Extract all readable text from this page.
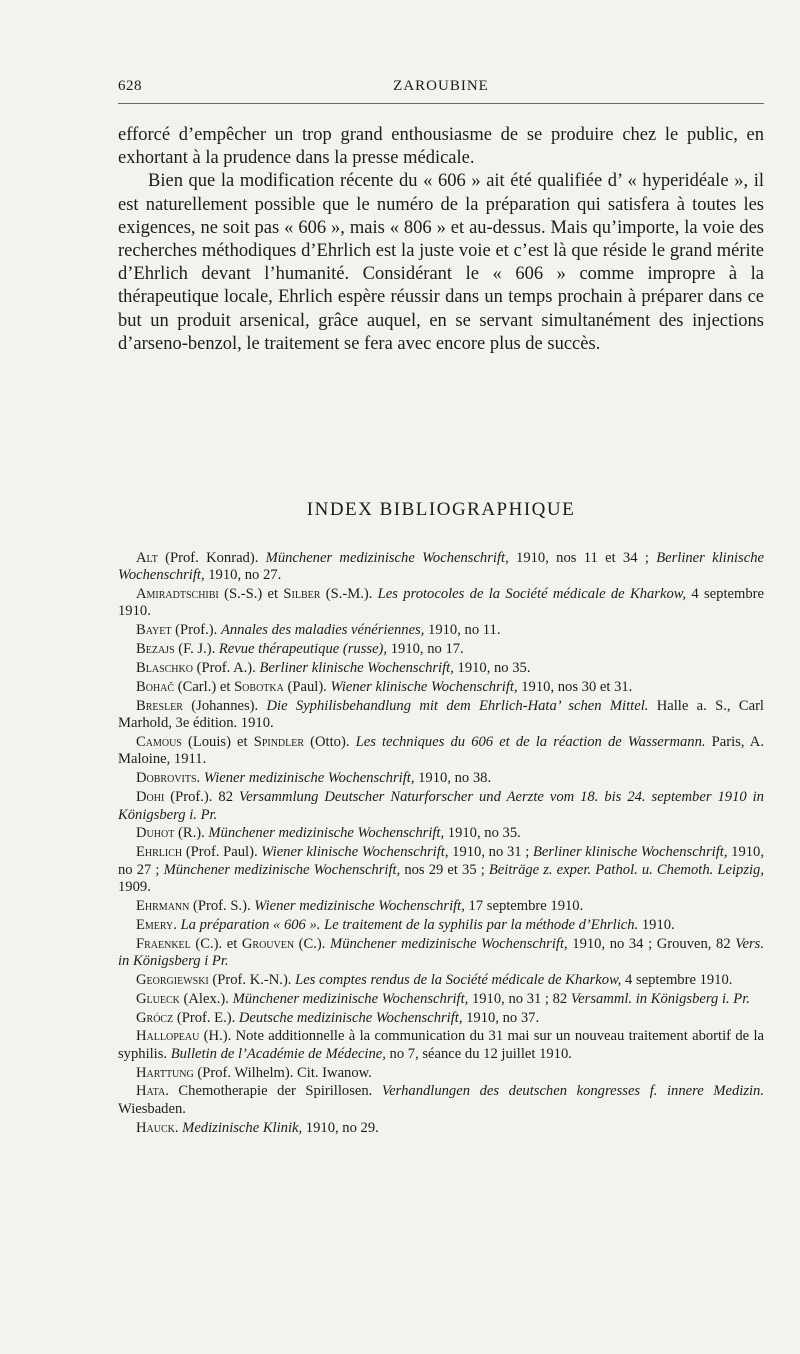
628	ZAROUBINE

efforcé d’empêcher un trop grand enthousiasme de se produire chez le public, en exhortant à la prudence dans la presse médicale.

Bien que la modification récente du « 606 » ait été qualifiée d’ « hyperidéale », il est naturellement possible que le numéro de la préparation qui satisfera à toutes les exigences, ne soit pas « 606 », mais « 806 » et au-dessus. Mais qu’importe, la voie des recherches méthodiques d’Ehrlich est la juste voie et c’est là que réside le grand mérite d’Ehrlich devant l’humanité. Considérant le « 606 » comme impropre à la thérapeutique locale, Ehrlich espère réussir dans un temps prochain à préparer dans ce but un produit arsenical, grâce auquel, en se servant simultanément des injections d’arseno-benzol, le traitement se fera avec encore plus de succès.

INDEX BIBLIOGRAPHIQUE

Alt (Prof. Konrad). Münchener medizinische Wochenschrift, 1910, nos 11 et 34 ; Berliner klinische Wochenschrift, 1910, no 27.

Amiradtschibi (S.-S.) et Silber (S.-M.). Les protocoles de la Société médicale de Kharkow, 4 septembre 1910.

Bayet (Prof.). Annales des maladies vénériennes, 1910, no 11.

Bezajs (F. J.). Revue thérapeutique (russe), 1910, no 17.

Blaschko (Prof. A.). Berliner klinische Wochenschrift, 1910, no 35.

Bohač (Carl.) et Sobotka (Paul). Wiener klinische Wochenschrift, 1910, nos 30 et 31.

Bresler (Johannes). Die Syphilisbehandlung mit dem Ehrlich-Hata’ schen Mittel. Halle a. S., Carl Marhold, 3e édition. 1910.

Camous (Louis) et Spindler (Otto). Les techniques du 606 et de la réaction de Wassermann. Paris, A. Maloine, 1911.

Dobrovits. Wiener medizinische Wochenschrift, 1910, no 38.

Dohi (Prof.). 82 Versammlung Deutscher Naturforscher und Aerzte vom 18. bis 24. september 1910 in Königsberg i. Pr.

Duhot (R.). Münchener medizinische Wochenschrift, 1910, no 35.

Ehrlich (Prof. Paul). Wiener klinische Wochenschrift, 1910, no 31 ; Berliner klinische Wochenschrift, 1910, no 27 ; Münchener medizinische Wochenschrift, nos 29 et 35 ; Beiträge z. exper. Pathol. u. Chemoth. Leipzig, 1909.

Ehrmann (Prof. S.). Wiener medizinische Wochenschrift, 17 septembre 1910.

Emery. La préparation « 606 ». Le traitement de la syphilis par la méthode d’Ehrlich. 1910.

Fraenkel (C.). et Grouven (C.). Münchener medizinische Wochenschrift, 1910, no 34 ; Grouven, 82 Vers. in Königsberg i Pr.

Georgiewski (Prof. K.-N.). Les comptes rendus de la Société médicale de Kharkow, 4 septembre 1910.

Glueck (Alex.). Münchener medizinische Wochenschrift, 1910, no 31 ; 82 Versamml. in Königsberg i. Pr.

Grócz (Prof. E.). Deutsche medizinische Wochenschrift, 1910, no 37.

Hallopeau (H.). Note additionnelle à la communication du 31 mai sur un nouveau traitement abortif de la syphilis. Bulletin de l’Académie de Médecine, no 7, séance du 12 juillet 1910.

Harttung (Prof. Wilhelm). Cit. Iwanow.

Hata. Chemotherapie der Spirillosen. Verhandlungen des deutschen kongresses f. innere Medizin. Wiesbaden.

Hauck. Medizinische Klinik, 1910, no 29.
